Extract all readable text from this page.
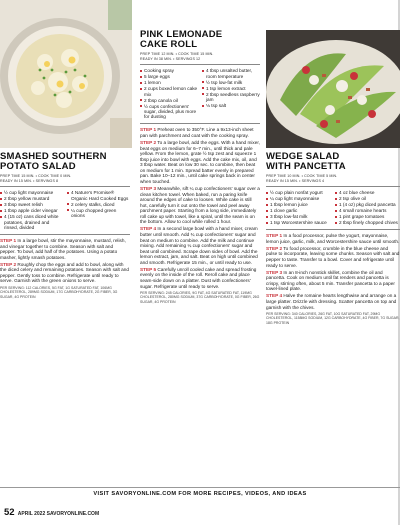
SMASHED SOUTHERN
POTATO SALAD
PREP TIME 15 MIN. • COOK TIME 0 MIN.
READY IN 15 MIN. • SERVINGS 8
½ cup light mayonnaise
2 tbsp yellow mustard
3 tbsp sweet relish
1 tbsp apple cider vinegar
4 (15 oz) cans diced white potatoes, drained and rinsed, divided
4 Nature's Promise® Organic Hard Cooked Eggs
2 celery stalks, diced
¼ cup chopped green onions

STEP 1 In a large bowl, stir the mayonnaise, mustard, relish, and vinegar together to combine. Season with salt and pepper. To bowl, add half of the potatoes. Using a potato masher, lightly smash potatoes.

STEP 2 Roughly chop the eggs and add to bowl, along with the diced celery and remaining potatoes. Season with salt and pepper. Gently toss to combine. Refrigerate until ready to serve. Garnish with the green onions to serve.

PER SERVING: 112 CALORIES, 5G FAT, 1G SATURATED FAT, 106MG CHOLESTEROL, 289MG SODIUM, 17G CARBOHYDRATE, 2G FIBER, 3G SUGAR, 4G PROTEIN
PINK LEMONADE
CAKE ROLL
PREP TIME 12 MIN. • COOK TIME 15 MIN.
READY IN 38 MIN. • SERVINGS 12
Cooking spray
5 large eggs
1 lemon
2 cups boxed lemon cake mix
2 tbsp canola oil
½ cups confectioners' sugar, divided, plus more for dusting
4 tbsp unsalted butter, room temperature
½ tsp low-fat milk
1 tsp lemon extract
2 tbsp seedless raspberry jam
⅛ tsp salt

STEP 1 Preheat oven to 350°F. Line a 9x13-inch sheet pan with parchment and coat with the cooking spray.

STEP 2 To a large bowl, add the eggs. With a hand mixer, beat eggs on medium for 6–7 min., until thick and pale yellow. From the lemon, grate ½ tsp zest and squeeze 1 tbsp juice into bowl with eggs. Add the cake mix, oil, and 3 tbsp water. Beat on low 30 sec. to combine, then beat on medium for 1 min. Spread batter evenly in prepared pan. Bake 10–12 min., until cake springs back in center when touched.

STEP 3 Meanwhile, sift ¼ cup confectioners' sugar over a clean kitchen towel. When baked, run a paring knife around the edges of cake to loosen. While cake is still hot, carefully turn it out onto the towel and peel away parchment paper. Starting from a long side, immediately roll cake up with towel, like a spiral, until the seam is on the bottom. Allow to cool while rolled 1 hour.

STEP 4 In a second large bowl with a hand mixer, cream butter until smooth. Add ¾ cup confectioners' sugar and beat on medium to combine. Add the milk and continue mixing. Add remaining ¼ cup confectioners' sugar and beat until combined. Scrape down sides of bowl. Add the lemon extract, jam, and salt. Beat on high until combined and smooth. Refrigerate 15 min., or until ready to use.

STEP 5 Carefully unroll cooled cake and spread frosting evenly on the inside of the roll. Reroll cake and place seam-side down on a platter. Dust with confectioners' sugar. Refrigerate until ready to serve.

PER SERVING: 245 CALORIES, 9G FAT, 4G SATURATED FAT, 119MG CHOLESTEROL, 280MG SODIUM, 37G CARBOHYDRATE, 0G FIBER, 26G SUGAR, 4G PROTEIN
WEDGE SALAD
WITH PANCETTA
PREP TIME 10 MIN. • COOK TIME 5 MIN.
READY IN 15 MIN. • SERVINGS 4
½ cup plain nonfat yogurt
¼ cup light mayonnaise
1 tbsp lemon juice
1 clove garlic
3 tbsp low-fat milk
1 tsp Worcestershire sauce
4 oz blue cheese
2 tsp olive oil
1 (4 oz) pkg diced pancetta
4 small romaine hearts
1 pint grape tomatoes
2 tbsp finely chopped chives

STEP 1 In a food processor, pulse the yogurt, mayonnaise, lemon juice, garlic, milk, and Worcestershire sauce until smooth.

STEP 2 To food processor, crumble in the blue cheese and pulse to incorporate, leaving some chunks. Season with salt and pepper to taste. Transfer to a bowl. Cover and refrigerate until ready to serve.

STEP 3 In an 8-inch nonstick skillet, combine the oil and pancetta. Cook on medium until fat renders and pancetta is crispy, stirring often, about 5 min. Transfer pancetta to a paper towel-lined plate.

STEP 4 Halve the romaine hearts lengthwise and arrange on a large platter. Drizzle with dressing. Scatter pancetta on top and garnish with the chives.

PER SERVING: 340 CALORIES, 26G FAT, 10G SATURATED FAT, 29MG CHOLESTEROL, 1158MG SODIUM, 12G CARBOHYDRATE, 4G FIBER, 7G SUGAR, 18G PROTEIN
VISIT SAVORYONLINE.COM FOR MORE RECIPES, VIDEOS, AND IDEAS
52 APRIL 2022 SAVORYONLINE.COM
